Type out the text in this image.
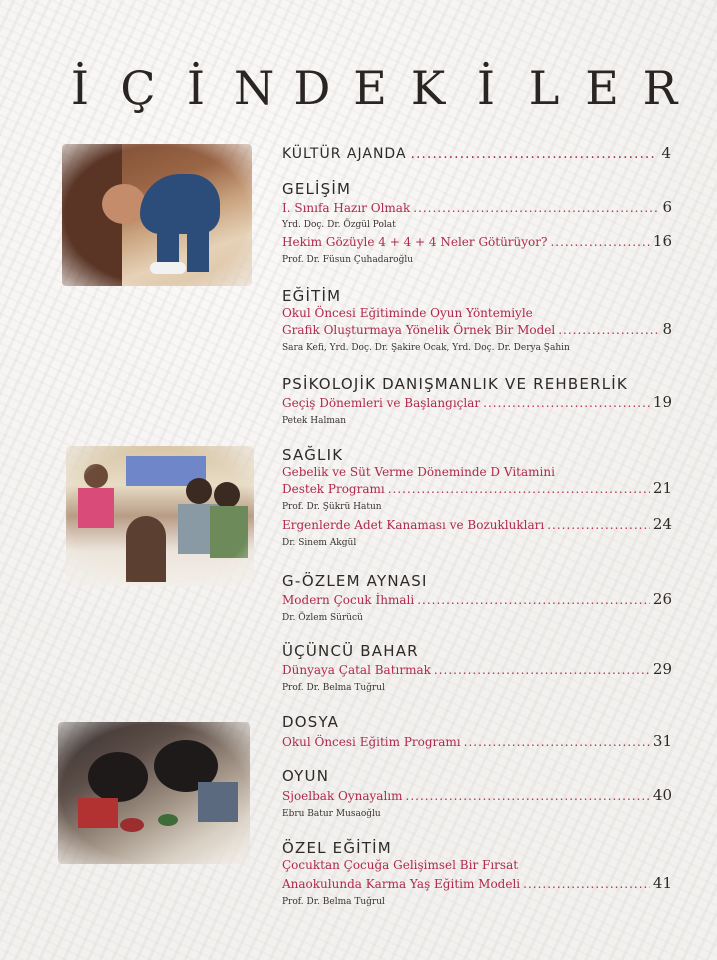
İ Ç İ N D E K İ L E R
KÜLTÜR AJANDA .....	4
GELİŞİM
I. Sınıfa Hazır Olmak .....	6
Yrd. Doç. Dr. Özgül Polat
Hekim Gözüyle 4 + 4 + 4 Neler Götürüyor? .....	16
Prof. Dr. Füsun Çuhadaroğlu
EĞİTİM
Okul Öncesi Eğitiminde Oyun Yöntemiyle
Grafik Oluşturmaya Yönelik Örnek Bir Model .....	8
Sara Kefi, Yrd. Doç. Dr. Şakire Ocak, Yrd. Doç. Dr. Derya Şahin
PSİKOLOJİK DANIŞMANLIK VE REHBERLİK
Geçiş Dönemleri ve Başlangıçlar .....	19
Petek Halman
SAĞLIK
Gebelik ve Süt Verme Döneminde D Vitamini
Destek Programı .....	21
Prof. Dr. Şükrü Hatun
Ergenlerde Adet Kanaması ve Bozuklukları .....	24
Dr. Sinem Akgül
G-ÖZLEM AYNASI
Modern Çocuk İhmali .....	26
Dr. Özlem Sürücü
ÜÇÜNCÜ BAHAR
Dünyaya Çatal Batırmak .....	29
Prof. Dr. Belma Tuğrul
DOSYA
Okul Öncesi Eğitim Programı .....	31
OYUN
Sjoelbak Oynayalım .....	40
Ebru Batur Musaoğlu
ÖZEL EĞİTİM
Çocuktan Çocuğa Gelişimsel Bir Fırsat
Anaokulunda Karma Yaş Eğitim Modeli .....	41
Prof. Dr. Belma Tuğrul
